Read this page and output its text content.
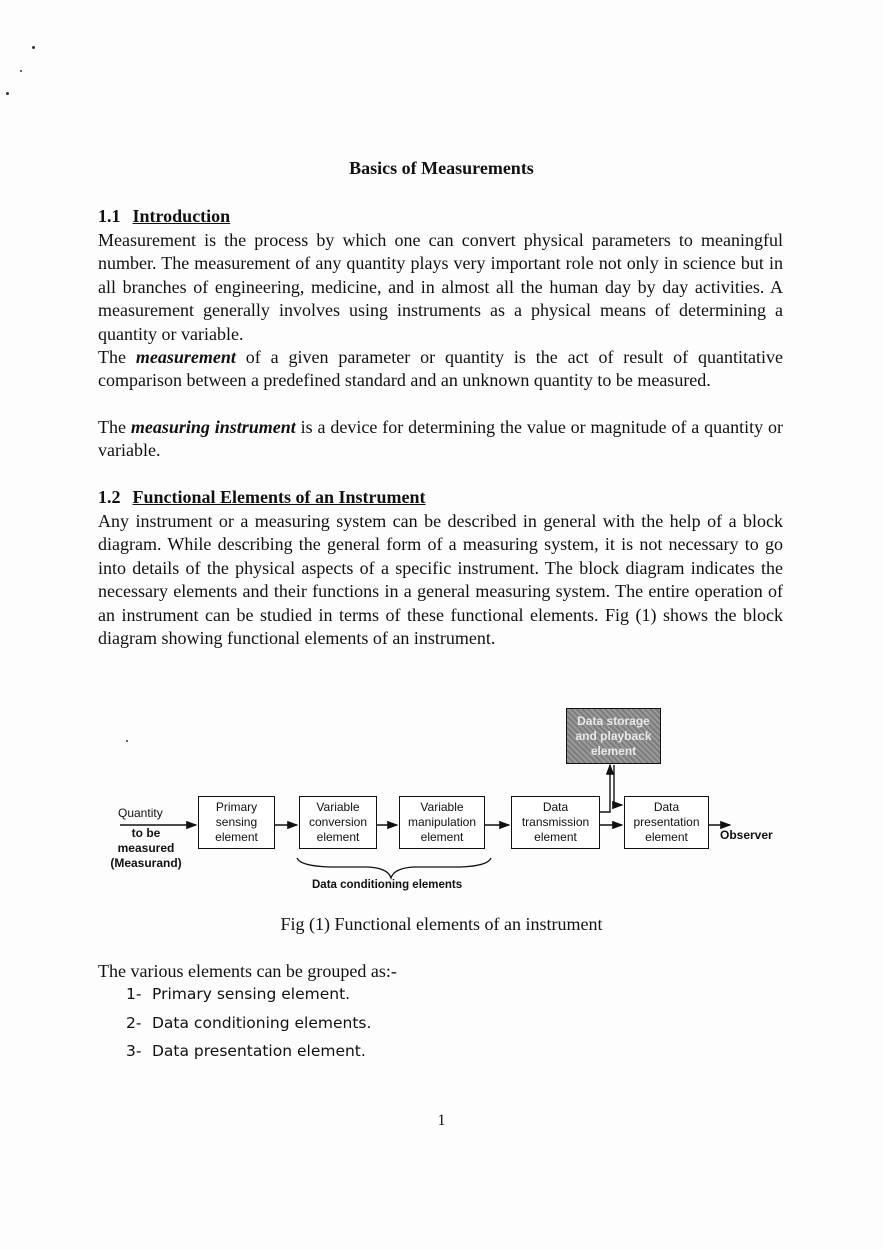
Basics of Measurements
1.1 Introduction

Measurement is the process by which one can convert physical parameters to meaningful number. The measurement of any quantity plays very important role not only in science but in all branches of engineering, medicine, and in almost all the human day by day activities. A measurement generally involves using instruments as a physical means of determining a quantity or variable.

The measurement of a given parameter or quantity is the act of result of quantitative comparison between a predefined standard and an unknown quantity to be measured.

The measuring instrument is a device for determining the value or magnitude of a quantity or variable.

1.2 Functional Elements of an Instrument

Any instrument or a measuring system can be described in general with the help of a block diagram. While describing the general form of a measuring system, it is not necessary to go into details of the physical aspects of a specific instrument. The block diagram indicates the necessary elements and their functions in a general measuring system. The entire operation of an instrument can be studied in terms of these functional elements. Fig (1) shows the block diagram showing functional elements of an instrument.

Quantity
to be
measured
(Measurand)
Primary
sensing
element
Variable
conversion
element
Variable
manipulation
element
Data
transmission
element
Data
presentation
element
Data storage
and playback
element
Observer
Data conditioning elements
Fig (1) Functional elements of an instrument

The various elements can be grouped as:-

1- Primary sensing element.
2- Data conditioning elements.
3- Data presentation element.
1
